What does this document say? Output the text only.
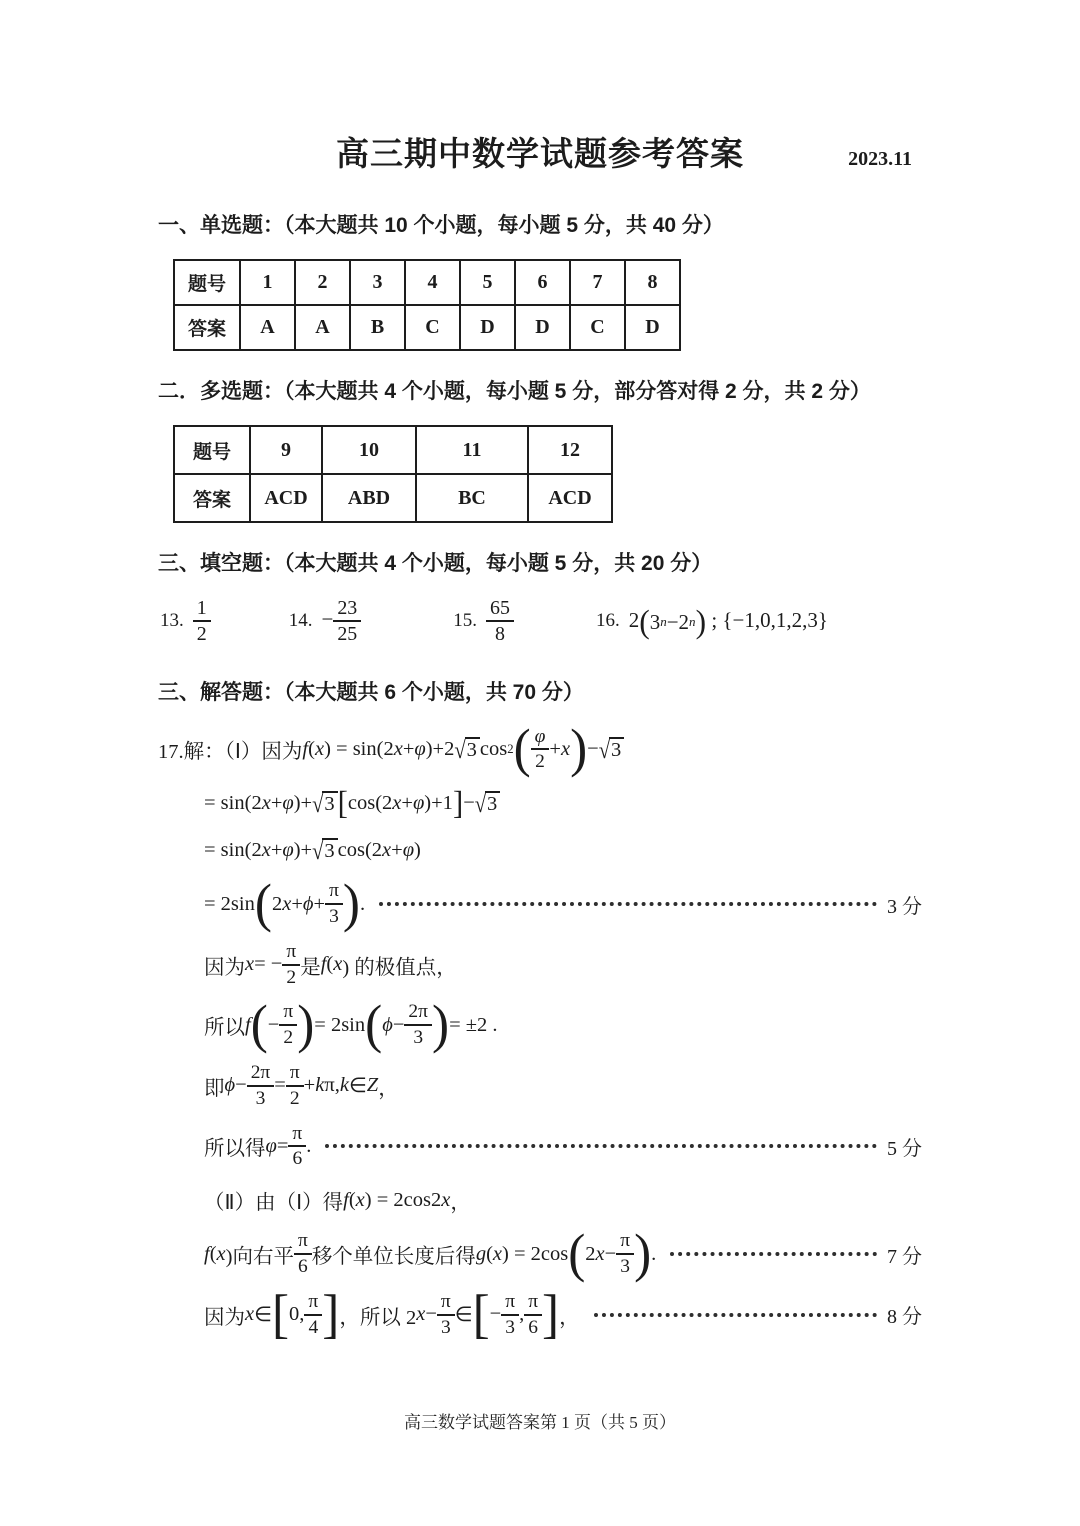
高三期中数学试题参考答案	2023.11
一、单选题：（本大题共 10 个小题，每小题 5 分，共 40 分）
题号	1	2	3	4	5	6	7	8
答案	A	A	B	C	D	D	C	D
二．多选题：（本大题共 4 个小题，每小题 5 分，部分答对得 2 分，共 2 分）
题号	9	10	11	12
答案	ACD	ABD	BC	ACD
三、填空题：（本大题共 4 个小题，每小题 5 分，共 20 分）
13. $\frac{1}{2}$	14. − $\frac{23}{25}$	15. $\frac{65}{8}$	16. 2 ( 3 n −2 n ) ; {−1,0,1,2,3}
三、解答题：（本大题共 6 个小题，共 70 分）
17.解：（Ⅰ）因为 f ( x ) = sin (2x+φ) +2 √3 cos 2 ( φ
2
+ x ) − √3
= sin (2x+φ) + √3 [ cos (2x+φ) +1 ] − √3
= sin (2x+φ) + √3 cos (2x+φ)
= 2sin ( 2 x + ϕ +
π
3 ) .	3 分
因为 x = −
π
2 是 f ( x ) 的极值点，
所以 f ( −
π
2 ) = 2sin ( ϕ −
2π
3 ) = ±2 .
即 ϕ −
2π
3
=
π
2
+ k π, k ∈ Z ，
所以得 φ =
π
6
.	5 分
（Ⅱ）由（Ⅰ）得 f ( x ) = 2cos2 x ，
f ( x )向右平
π
6 移个单位长度后得 g ( x ) = 2cos ( 2 x −
π
3 ) .	7 分
因为 x ∈ [ 0,
π
4 ] ，所以 2 x −
π
3
∈ [ −
π
3
,
π
6 ] ，	8 分
高三数学试题答案第 1 页（共 5 页）
